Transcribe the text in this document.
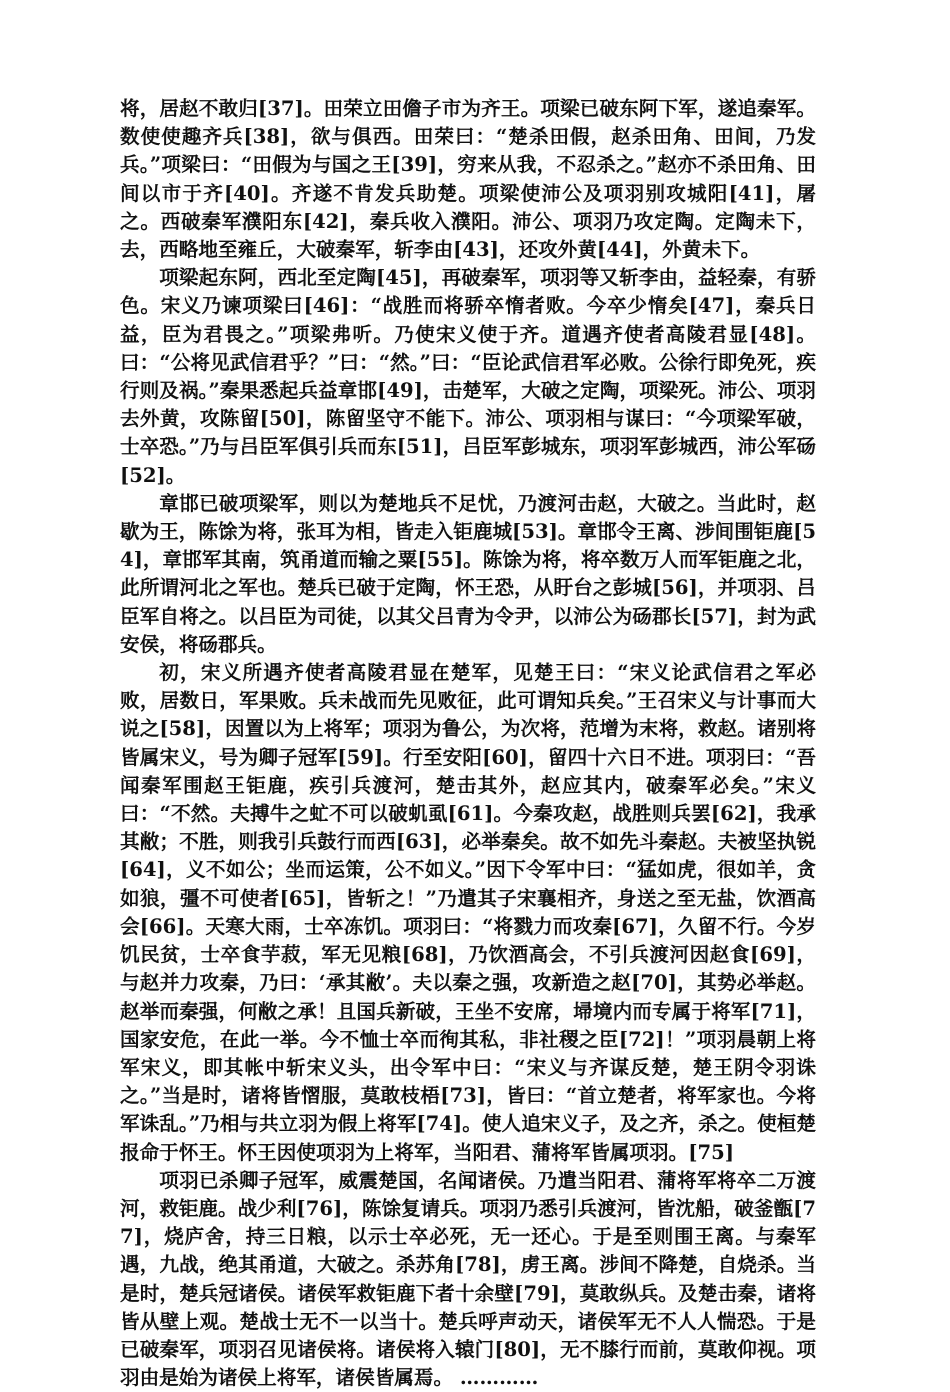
将，居赵不敢归[37]。田荣立田儋子市为齐王。项梁已破东阿下军，遂追秦军。数使使趣齐兵[38]，欲与俱西。田荣曰：“楚杀田假，赵杀田角、田间，乃发兵。”项梁曰：“田假为与国之王[39]，穷来从我，不忍杀之。”赵亦不杀田角、田间以市于齐[40]。齐遂不肯发兵助楚。项梁使沛公及项羽别攻城阳[41]，屠之。西破秦军濮阳东[42]，秦兵收入濮阳。沛公、项羽乃攻定陶。定陶未下，去，西略地至雍丘，大破秦军，斩李由[43]，还攻外黄[44]，外黄未下。

项梁起东阿，西北至定陶[45]，再破秦军，项羽等又斩李由，益轻秦，有骄色。宋义乃谏项梁曰[46]：“战胜而将骄卒惰者败。今卒少惰矣[47]，秦兵日益，臣为君畏之。”项梁弗听。乃使宋义使于齐。道遇齐使者高陵君显[48]。曰：“公将见武信君乎？”曰：“然。”曰：“臣论武信君军必败。公徐行即免死，疾行则及祸。”秦果悉起兵益章邯[49]，击楚军，大破之定陶，项梁死。沛公、项羽去外黄，攻陈留[50]，陈留坚守不能下。沛公、项羽相与谋曰：“今项梁军破，士卒恐。”乃与吕臣军俱引兵而东[51]，吕臣军彭城东，项羽军彭城西，沛公军砀[52]。

章邯已破项梁军，则以为楚地兵不足忧，乃渡河击赵，大破之。当此时，赵歇为王，陈馀为将，张耳为相，皆走入钜鹿城[53]。章邯令王离、涉间围钜鹿[54]，章邯军其南，筑甬道而输之粟[55]。陈馀为将，将卒数万人而军钜鹿之北，此所谓河北之军也。楚兵已破于定陶，怀王恐，从盱台之彭城[56]，并项羽、吕臣军自将之。以吕臣为司徒，以其父吕青为令尹，以沛公为砀郡长[57]，封为武安侯，将砀郡兵。

初，宋义所遇齐使者高陵君显在楚军，见楚王曰：“宋义论武信君之军必败，居数日，军果败。兵未战而先见败征，此可谓知兵矣。”王召宋义与计事而大说之[58]，因置以为上将军；项羽为鲁公，为次将，范增为末将，救赵。诸别将皆属宋义，号为卿子冠军[59]。行至安阳[60]，留四十六日不进。项羽曰：“吾闻秦军围赵王钜鹿，疾引兵渡河，楚击其外，赵应其内，破秦军必矣。”宋义曰：“不然。夫搏牛之虻不可以破虮虱[61]。今秦攻赵，战胜则兵罢[62]，我承其敝；不胜，则我引兵鼓行而西[63]，必举秦矣。故不如先斗秦赵。夫被坚执锐[64]，义不如公；坐而运策，公不如义。”因下令军中曰：“猛如虎，很如羊，贪如狼，彊不可使者[65]，皆斩之！”乃遣其子宋襄相齐，身送之至无盐，饮酒高会[66]。天寒大雨，士卒冻饥。项羽曰：“将戮力而攻秦[67]，久留不行。今岁饥民贫，士卒食芋菽，军无见粮[68]，乃饮酒高会，不引兵渡河因赵食[69]，与赵并力攻秦，乃曰：‘承其敝’。夫以秦之强，攻新造之赵[70]，其势必举赵。赵举而秦强，何敝之承！且国兵新破，王坐不安席，埽境内而专属于将军[71]，国家安危，在此一举。今不恤士卒而徇其私，非社稷之臣[72]！”项羽晨朝上将军宋义，即其帐中斩宋义头，出令军中曰：“宋义与齐谋反楚，楚王阴令羽诛之。”当是时，诸将皆慴服，莫敢枝梧[73]，皆曰：“首立楚者，将军家也。今将军诛乱。”乃相与共立羽为假上将军[74]。使人追宋义子，及之齐，杀之。使桓楚报命于怀王。怀王因使项羽为上将军，当阳君、蒲将军皆属项羽。[75]

项羽已杀卿子冠军，威震楚国，名闻诸侯。乃遣当阳君、蒲将军将卒二万渡河，救钜鹿。战少利[76]，陈馀复请兵。项羽乃悉引兵渡河，皆沈船，破釜甑[77]，烧庐舍，持三日粮，以示士卒必死，无一还心。于是至则围王离。与秦军遇，九战，绝其甬道，大破之。杀苏角[78]，虏王离。涉间不降楚，自烧杀。当是时，楚兵冠诸侯。诸侯军救钜鹿下者十余壁[79]，莫敢纵兵。及楚击秦，诸将皆从壁上观。楚战士无不一以当十。楚兵呼声动天，诸侯军无不人人惴恐。于是已破秦军，项羽召见诸侯将。诸侯将入辕门[80]，无不膝行而前，莫敢仰视。项羽由是始为诸侯上将军，诸侯皆属焉。 …………
